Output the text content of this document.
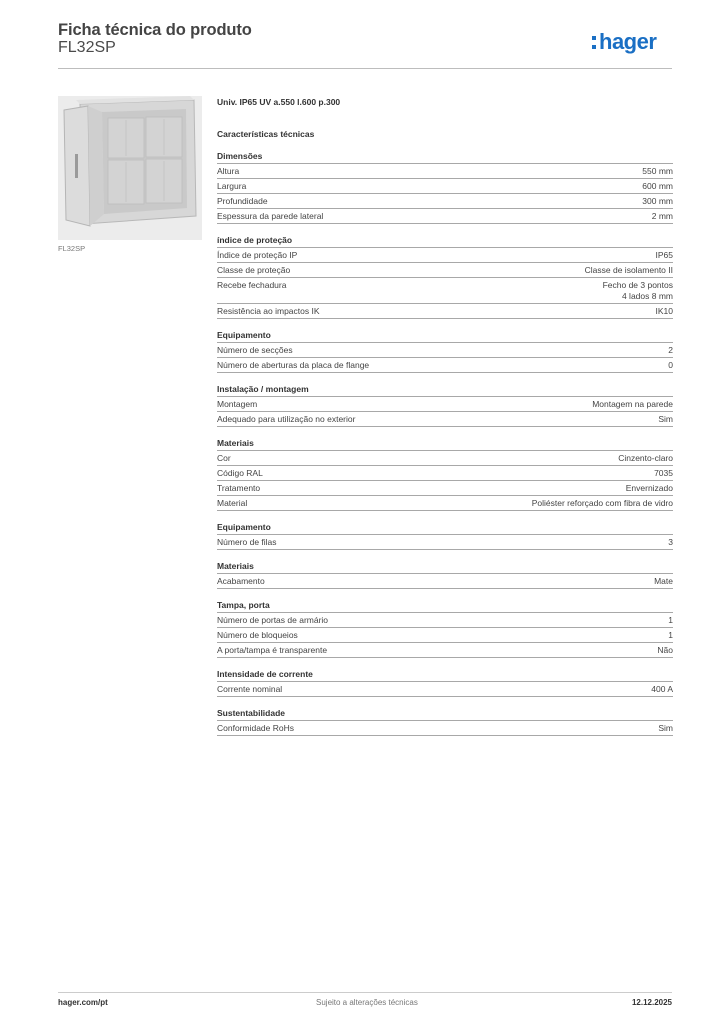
Ficha técnica do produto
FL32SP	hager
FL32SP
Univ. IP65 UV a.550 l.600 p.300
Características técnicas
Dimensões
Altura	550 mm
Largura	600 mm
Profundidade	300 mm
Espessura da parede lateral	2 mm
índice de proteção
Índice de proteção IP	IP65
Classe de proteção	Classe de isolamento II
Recebe fechadura	Fecho de 3 pontos
4 lados 8 mm
Resistência ao impactos IK	IK10
Equipamento
Número de secções	2
Número de aberturas da placa de flange	0
Instalação / montagem
Montagem	Montagem na parede
Adequado para utilização no exterior	Sim
Materiais
Cor	Cinzento-claro
Código RAL	7035
Tratamento	Envernizado
Material	Poliéster reforçado com fibra de vidro
Equipamento
Número de filas	3
Materiais
Acabamento	Mate
Tampa, porta
Número de portas de armário	1
Número de bloqueios	1
A porta/tampa é transparente	Não
Intensidade de corrente
Corrente nominal	400 A
Sustentabilidade
Conformidade RoHs	Sim
hager.com/pt	Sujeito a alterações técnicas	12.12.2025
